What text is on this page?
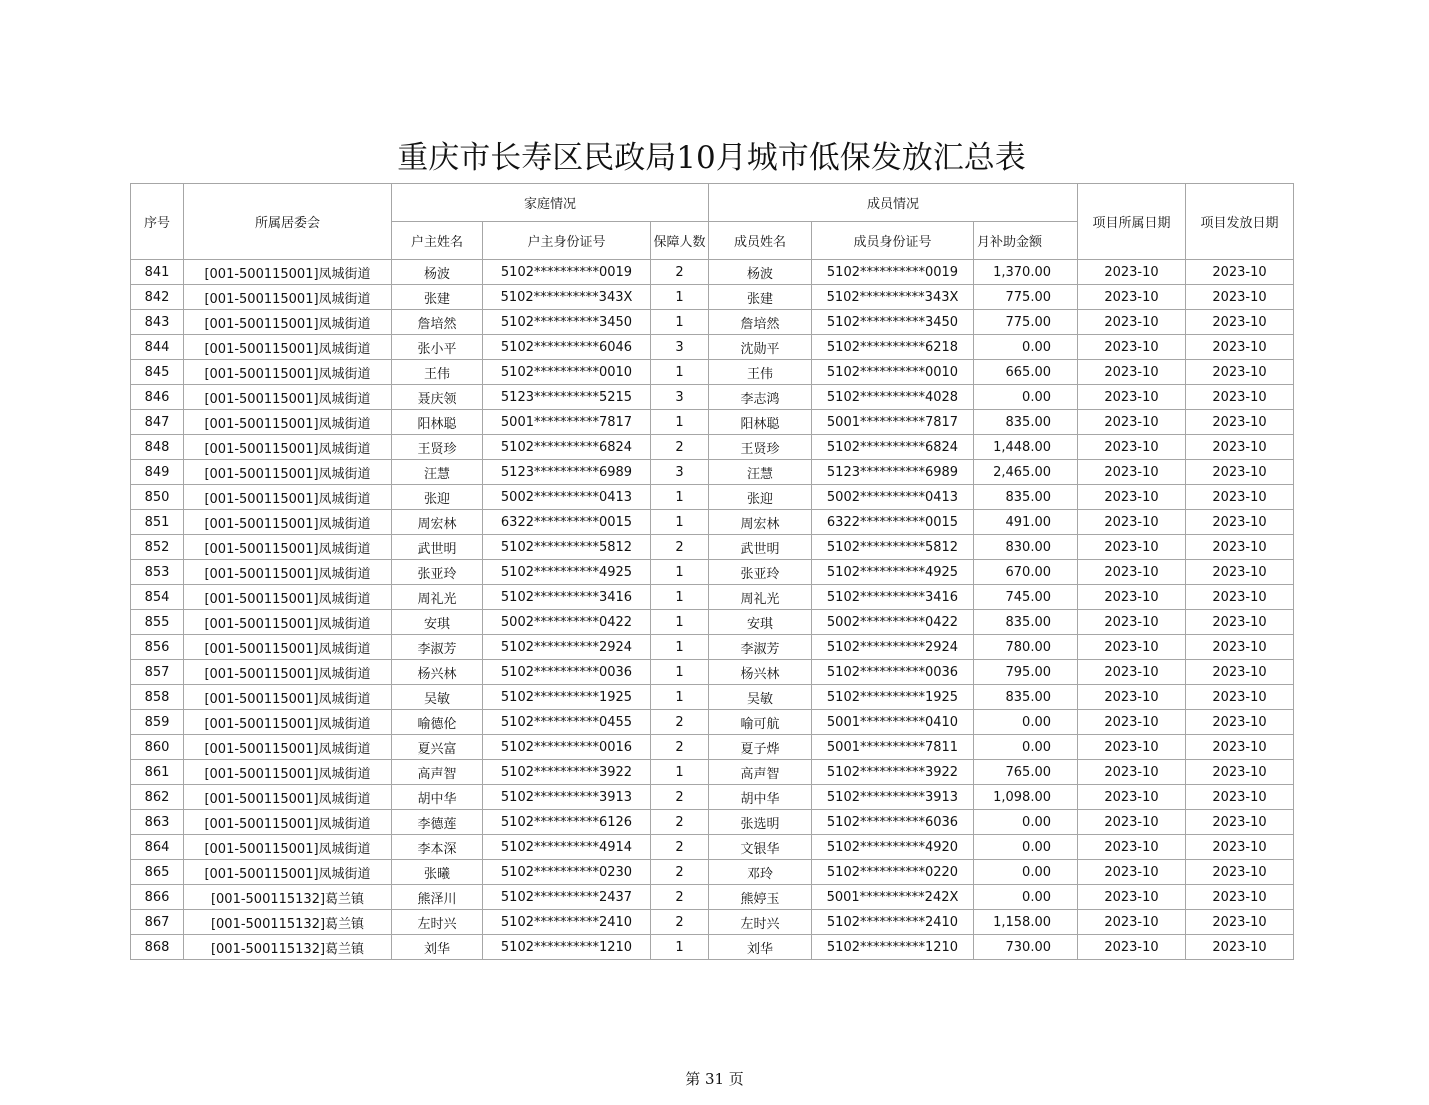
重庆市长寿区民政局10月城市低保发放汇总表
序号	所属居委会	家庭情况			成员情况			项目所属日期	项目发放日期
		户主姓名	户主身份证号	保障人数	成员姓名	成员身份证号	月补助金额		
841	[001-500115001]凤城街道	杨波	5102**********0019	2	杨波	5102**********0019	1,370.00	2023-10	2023-10
842	[001-500115001]凤城街道	张建	5102**********343X	1	张建	5102**********343X	775.00	2023-10	2023-10
843	[001-500115001]凤城街道	詹培然	5102**********3450	1	詹培然	5102**********3450	775.00	2023-10	2023-10
844	[001-500115001]凤城街道	张小平	5102**********6046	3	沈勋平	5102**********6218	0.00	2023-10	2023-10
845	[001-500115001]凤城街道	王伟	5102**********0010	1	王伟	5102**********0010	665.00	2023-10	2023-10
846	[001-500115001]凤城街道	聂庆领	5123**********5215	3	李志鸿	5102**********4028	0.00	2023-10	2023-10
847	[001-500115001]凤城街道	阳林聪	5001**********7817	1	阳林聪	5001**********7817	835.00	2023-10	2023-10
848	[001-500115001]凤城街道	王贤珍	5102**********6824	2	王贤珍	5102**********6824	1,448.00	2023-10	2023-10
849	[001-500115001]凤城街道	汪慧	5123**********6989	3	汪慧	5123**********6989	2,465.00	2023-10	2023-10
850	[001-500115001]凤城街道	张迎	5002**********0413	1	张迎	5002**********0413	835.00	2023-10	2023-10
851	[001-500115001]凤城街道	周宏林	6322**********0015	1	周宏林	6322**********0015	491.00	2023-10	2023-10
852	[001-500115001]凤城街道	武世明	5102**********5812	2	武世明	5102**********5812	830.00	2023-10	2023-10
853	[001-500115001]凤城街道	张亚玲	5102**********4925	1	张亚玲	5102**********4925	670.00	2023-10	2023-10
854	[001-500115001]凤城街道	周礼光	5102**********3416	1	周礼光	5102**********3416	745.00	2023-10	2023-10
855	[001-500115001]凤城街道	安琪	5002**********0422	1	安琪	5002**********0422	835.00	2023-10	2023-10
856	[001-500115001]凤城街道	李淑芳	5102**********2924	1	李淑芳	5102**********2924	780.00	2023-10	2023-10
857	[001-500115001]凤城街道	杨兴林	5102**********0036	1	杨兴林	5102**********0036	795.00	2023-10	2023-10
858	[001-500115001]凤城街道	吴敏	5102**********1925	1	吴敏	5102**********1925	835.00	2023-10	2023-10
859	[001-500115001]凤城街道	喻德伦	5102**********0455	2	喻可航	5001**********0410	0.00	2023-10	2023-10
860	[001-500115001]凤城街道	夏兴富	5102**********0016	2	夏子烨	5001**********7811	0.00	2023-10	2023-10
861	[001-500115001]凤城街道	高声智	5102**********3922	1	高声智	5102**********3922	765.00	2023-10	2023-10
862	[001-500115001]凤城街道	胡中华	5102**********3913	2	胡中华	5102**********3913	1,098.00	2023-10	2023-10
863	[001-500115001]凤城街道	李德莲	5102**********6126	2	张选明	5102**********6036	0.00	2023-10	2023-10
864	[001-500115001]凤城街道	李本深	5102**********4914	2	文银华	5102**********4920	0.00	2023-10	2023-10
865	[001-500115001]凤城街道	张曦	5102**********0230	2	邓玲	5102**********0220	0.00	2023-10	2023-10
866	[001-500115132]葛兰镇	熊泽川	5102**********2437	2	熊婷玉	5001**********242X	0.00	2023-10	2023-10
867	[001-500115132]葛兰镇	左时兴	5102**********2410	2	左时兴	5102**********2410	1,158.00	2023-10	2023-10
868	[001-500115132]葛兰镇	刘华	5102**********1210	1	刘华	5102**********1210	730.00	2023-10	2023-10
第 31 页
